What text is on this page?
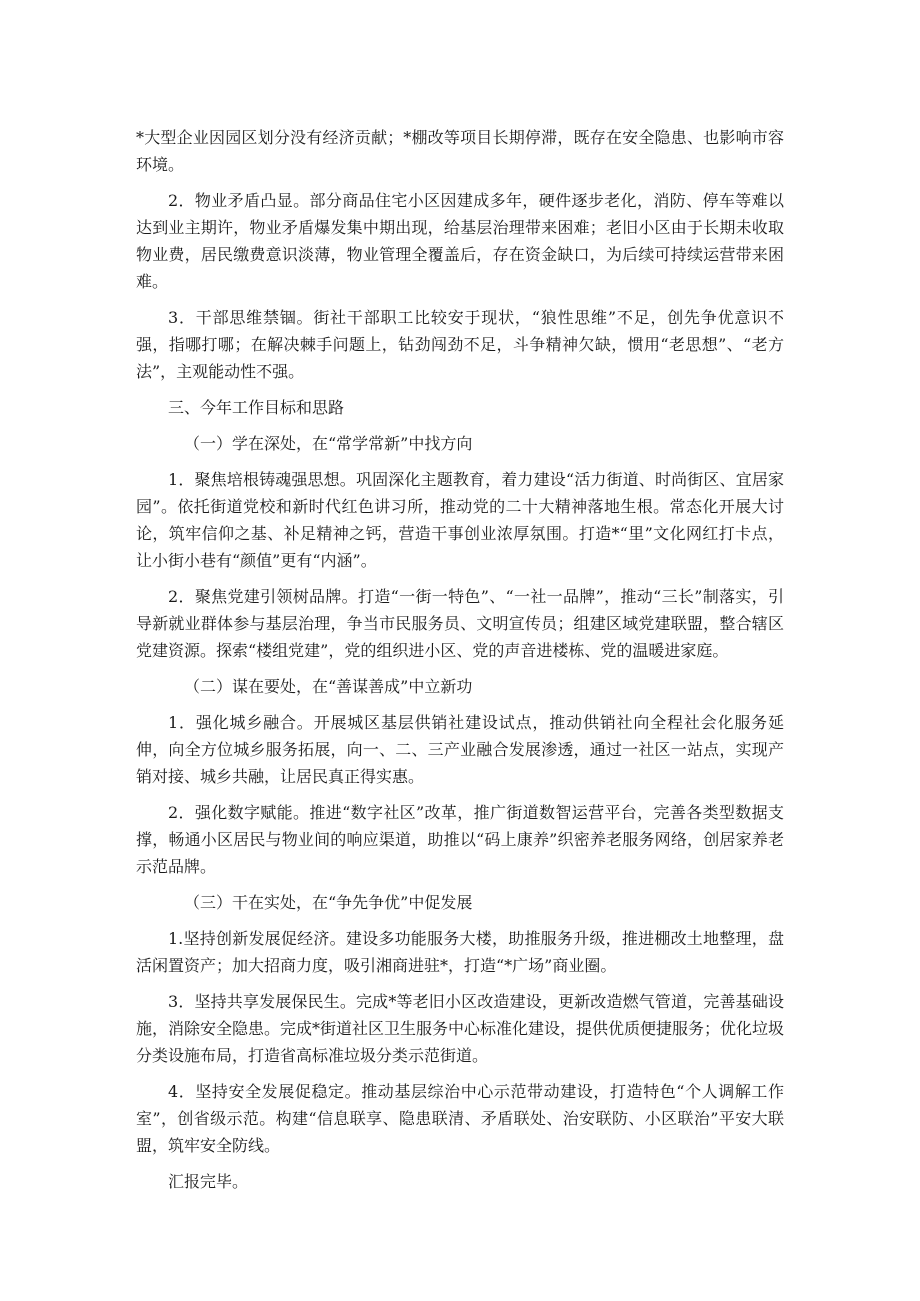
*大型企业因园区划分没有经济贡献；*棚改等项目长期停滞，既存在安全隐患、也影响市容环境。

2．物业矛盾凸显。部分商品住宅小区因建成多年，硬件逐步老化，消防、停车等难以达到业主期许，物业矛盾爆发集中期出现，给基层治理带来困难；老旧小区由于长期未收取物业费，居民缴费意识淡薄，物业管理全覆盖后，存在资金缺口，为后续可持续运营带来困难。

3．干部思维禁锢。街社干部职工比较安于现状，“狼性思维”不足，创先争优意识不强，指哪打哪；在解决棘手问题上，钻劲闯劲不足，斗争精神欠缺，惯用“老思想”、“老方法”，主观能动性不强。

三、今年工作目标和思路

（一）学在深处，在“常学常新”中找方向

1．聚焦培根铸魂强思想。巩固深化主题教育，着力建设“活力街道、时尚街区、宜居家园”。依托街道党校和新时代红色讲习所，推动党的二十大精神落地生根。常态化开展大讨论，筑牢信仰之基、补足精神之钙，营造干事创业浓厚氛围。打造*“里”文化网红打卡点，让小街小巷有“颜值”更有“内涵”。

2．聚焦党建引领树品牌。打造“一街一特色”、“一社一品牌”，推动“三长”制落实，引导新就业群体参与基层治理，争当市民服务员、文明宣传员；组建区域党建联盟，整合辖区党建资源。探索“楼组党建”，党的组织进小区、党的声音进楼栋、党的温暖进家庭。

（二）谋在要处，在“善谋善成”中立新功

1．强化城乡融合。开展城区基层供销社建设试点，推动供销社向全程社会化服务延伸，向全方位城乡服务拓展，向一、二、三产业融合发展渗透，通过一社区一站点，实现产销对接、城乡共融，让居民真正得实惠。

2．强化数字赋能。推进“数字社区”改革，推广街道数智运营平台，完善各类型数据支撑，畅通小区居民与物业间的响应渠道，助推以“码上康养”织密养老服务网络，创居家养老示范品牌。

（三）干在实处，在“争先争优”中促发展

1.坚持创新发展促经济。建设多功能服务大楼，助推服务升级，推进棚改土地整理，盘活闲置资产；加大招商力度，吸引湘商进驻*，打造“*广场”商业圈。

3．坚持共享发展保民生。完成*等老旧小区改造建设，更新改造燃气管道，完善基础设施，消除安全隐患。完成*街道社区卫生服务中心标准化建设，提供优质便捷服务；优化垃圾分类设施布局，打造省高标准垃圾分类示范街道。

4．坚持安全发展促稳定。推动基层综治中心示范带动建设，打造特色“个人调解工作室”，创省级示范。构建“信息联享、隐患联清、矛盾联处、治安联防、小区联治”平安大联盟，筑牢安全防线。

汇报完毕。
